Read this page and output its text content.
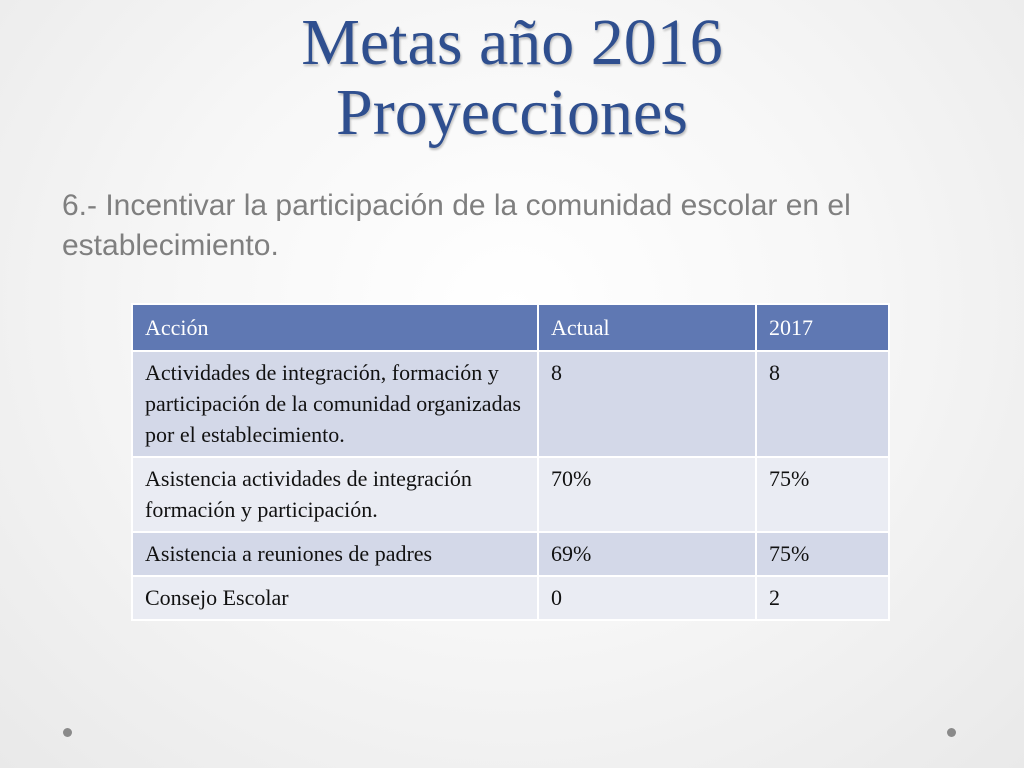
Metas año 2016
Proyecciones
6.- Incentivar la participación de la comunidad escolar en el establecimiento.
Acción	Actual	2017
Actividades de integración, formación y participación de la comunidad organizadas por el establecimiento.	8	8
Asistencia actividades de integración formación y participación.	70%	75%
Asistencia a reuniones de padres	69%	75%
Consejo Escolar	0	2
